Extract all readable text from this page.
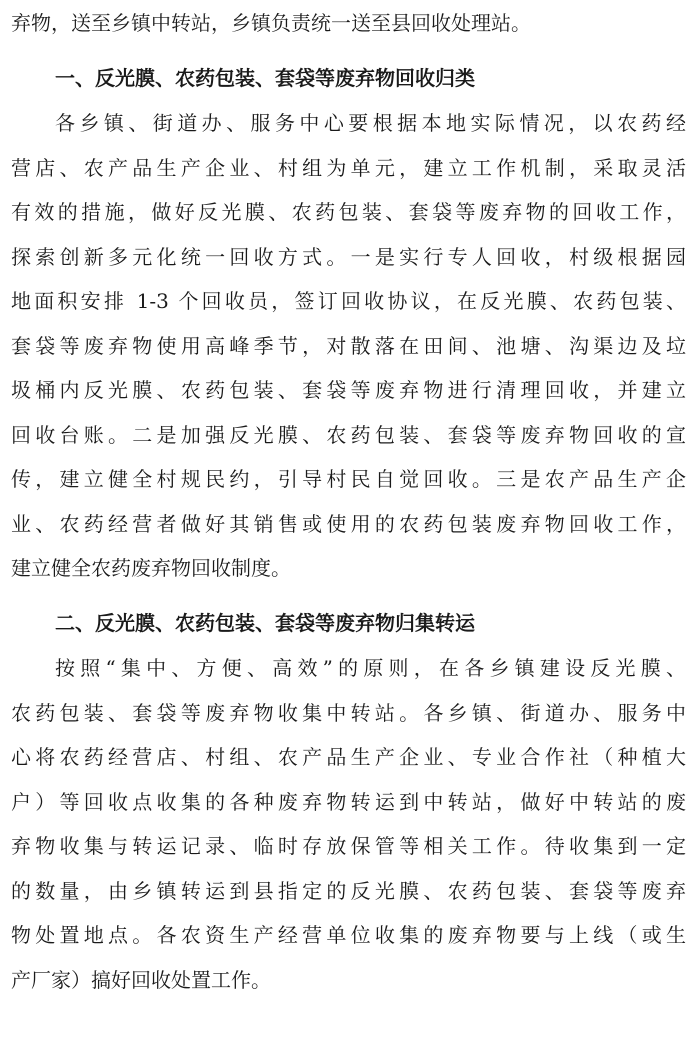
弃物，送至乡镇中转站，乡镇负责统一送至县回收处理站。
一、反光膜、农药包装、套袋等废弃物回收归类
各乡镇、街道办、服务中心要根据本地实际情况，以农药经
营店、农产品生产企业、村组为单元，建立工作机制，采取灵活
有效的措施，做好反光膜、农药包装、套袋等废弃物的回收工作，
探索创新多元化统一回收方式。一是实行专人回收，村级根据园
地面积安排 1-3 个回收员，签订回收协议，在反光膜、农药包装、
套袋等废弃物使用高峰季节，对散落在田间、池塘、沟渠边及垃
圾桶内反光膜、农药包装、套袋等废弃物进行清理回收，并建立
回收台账。二是加强反光膜、农药包装、套袋等废弃物回收的宣
传，建立健全村规民约，引导村民自觉回收。三是农产品生产企
业、农药经营者做好其销售或使用的农药包装废弃物回收工作，
建立健全农药废弃物回收制度。
二、反光膜、农药包装、套袋等废弃物归集转运
按照“集中、方便、高效”的原则，在各乡镇建设反光膜、
农药包装、套袋等废弃物收集中转站。各乡镇、街道办、服务中
心将农药经营店、村组、农产品生产企业、专业合作社（种植大
户）等回收点收集的各种废弃物转运到中转站，做好中转站的废
弃物收集与转运记录、临时存放保管等相关工作。待收集到一定
的数量，由乡镇转运到县指定的反光膜、农药包装、套袋等废弃
物处置地点。各农资生产经营单位收集的废弃物要与上线（或生
产厂家）搞好回收处置工作。
